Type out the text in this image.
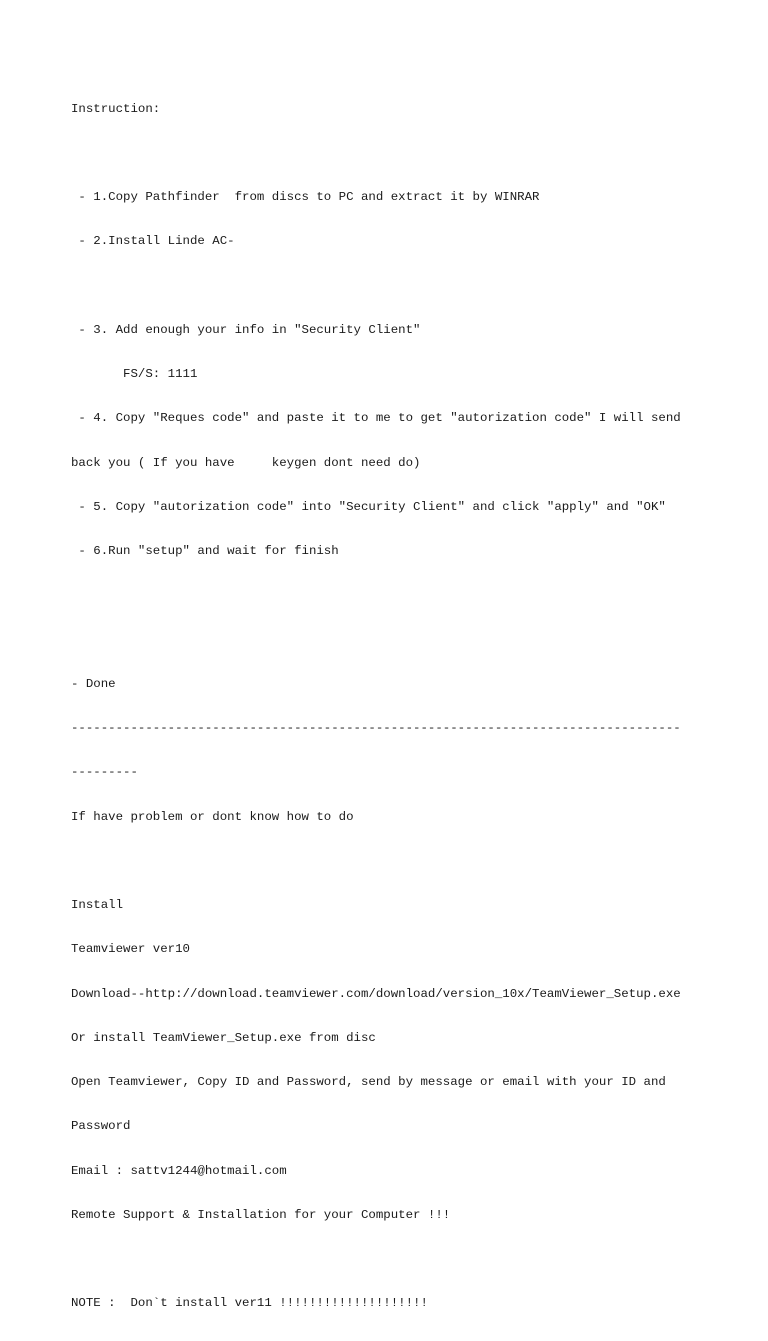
Instruction:

- 1.Copy Pathfinder  from discs to PC and extract it by WINRAR

- 2.Install Linde AC-

- 3. Add enough your info in "Security Client"

FS/S: 1111

- 4. Copy "Reques code" and paste it to me to get "autorization code" I will send

back you ( If you have     keygen dont need do)

- 5. Copy "autorization code" into "Security Client" and click "apply" and "OK"

- 6.Run "setup" and wait for finish

- Done

----------------------------------------------------------------------------------

---------

If have problem or dont know how to do

Install

Teamviewer ver10

Download--http://download.teamviewer.com/download/version_10x/TeamViewer_Setup.exe

Or install TeamViewer_Setup.exe from disc

Open Teamviewer, Copy ID and Password, send by message or email with your ID and

Password

Email : sattv1244@hotmail.com

Remote Support & Installation for your Computer !!!

NOTE :  Don`t install ver11 !!!!!!!!!!!!!!!!!!!!
